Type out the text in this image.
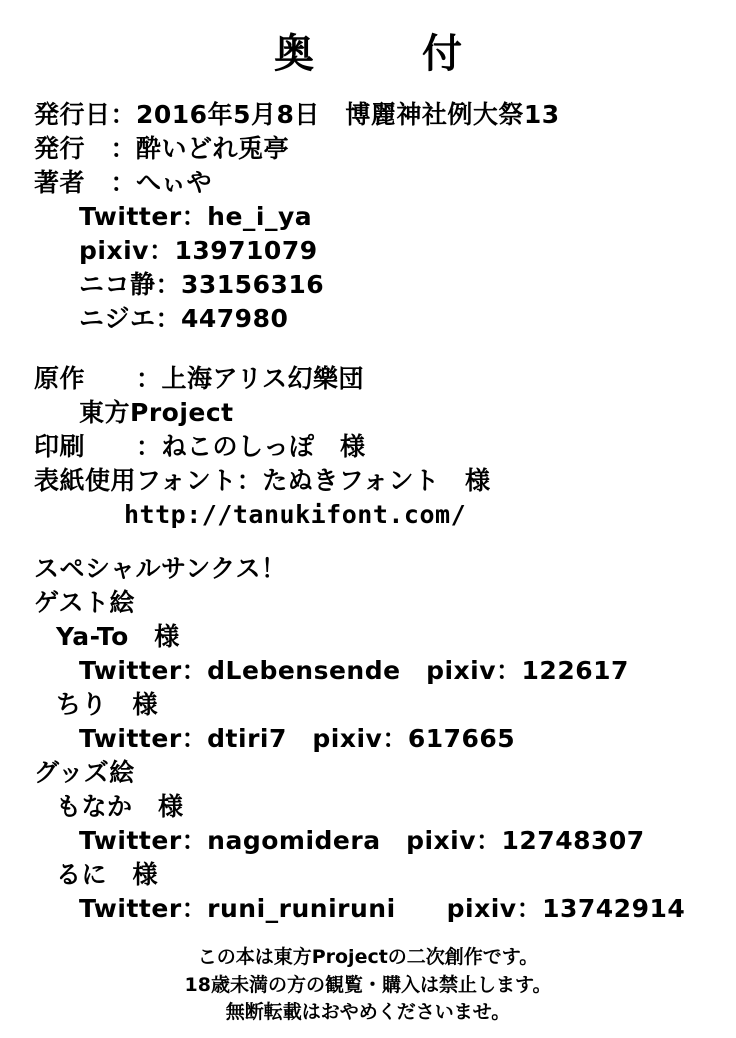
奥　付
発行日：2016年5月8日　博麗神社例大祭13
発行　：酔いどれ兎亭
著者　：へぃや
Twitter：he_i_ya
pixiv：13971079
ニコ静：33156316
ニジエ：447980
原作　　：上海アリス幻樂団
東方Project
印刷　　：ねこのしっぽ　様
表紙使用フォント：たぬきフォント　様
http://tanukifont.com/
スペシャルサンクス！
ゲスト絵
Ya-To　様
Twitter：dLebensende　pixiv：122617
ちり　様
Twitter：dtiri7　pixiv：617665
グッズ絵
もなか　様
Twitter：nagomidera　pixiv：12748307
るに　様
Twitter：runi_runiruni　　pixiv：13742914
この本は東方Projectの二次創作です。
18歳未満の方の観覧・購入は禁止します。
無断転載はおやめくださいませ。
